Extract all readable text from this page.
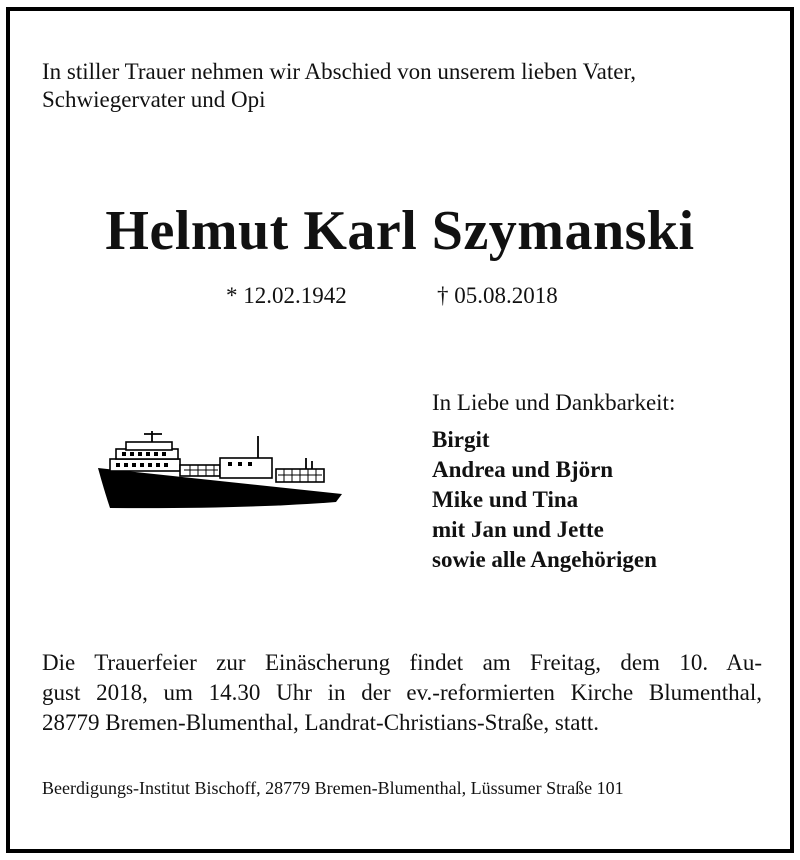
In stiller Trauer nehmen wir Abschied von unserem lieben Vater,
Schwiegervater und Opi
Helmut Karl Szymanski
* 12.02.1942	† 05.08.2018
In Liebe und Dankbarkeit:
Birgit
Andrea und Björn
Mike und Tina
mit Jan und Jette
sowie alle Angehörigen
Die Trauerfeier zur Einäscherung findet am Freitag, dem 10. Au-
gust 2018, um 14.30 Uhr in der ev.-reformierten Kirche Blumenthal,
28779 Bremen-Blumenthal, Landrat-Christians-Straße, statt.
Beerdigungs-Institut Bischoff, 28779 Bremen-Blumenthal, Lüssumer Straße 101
